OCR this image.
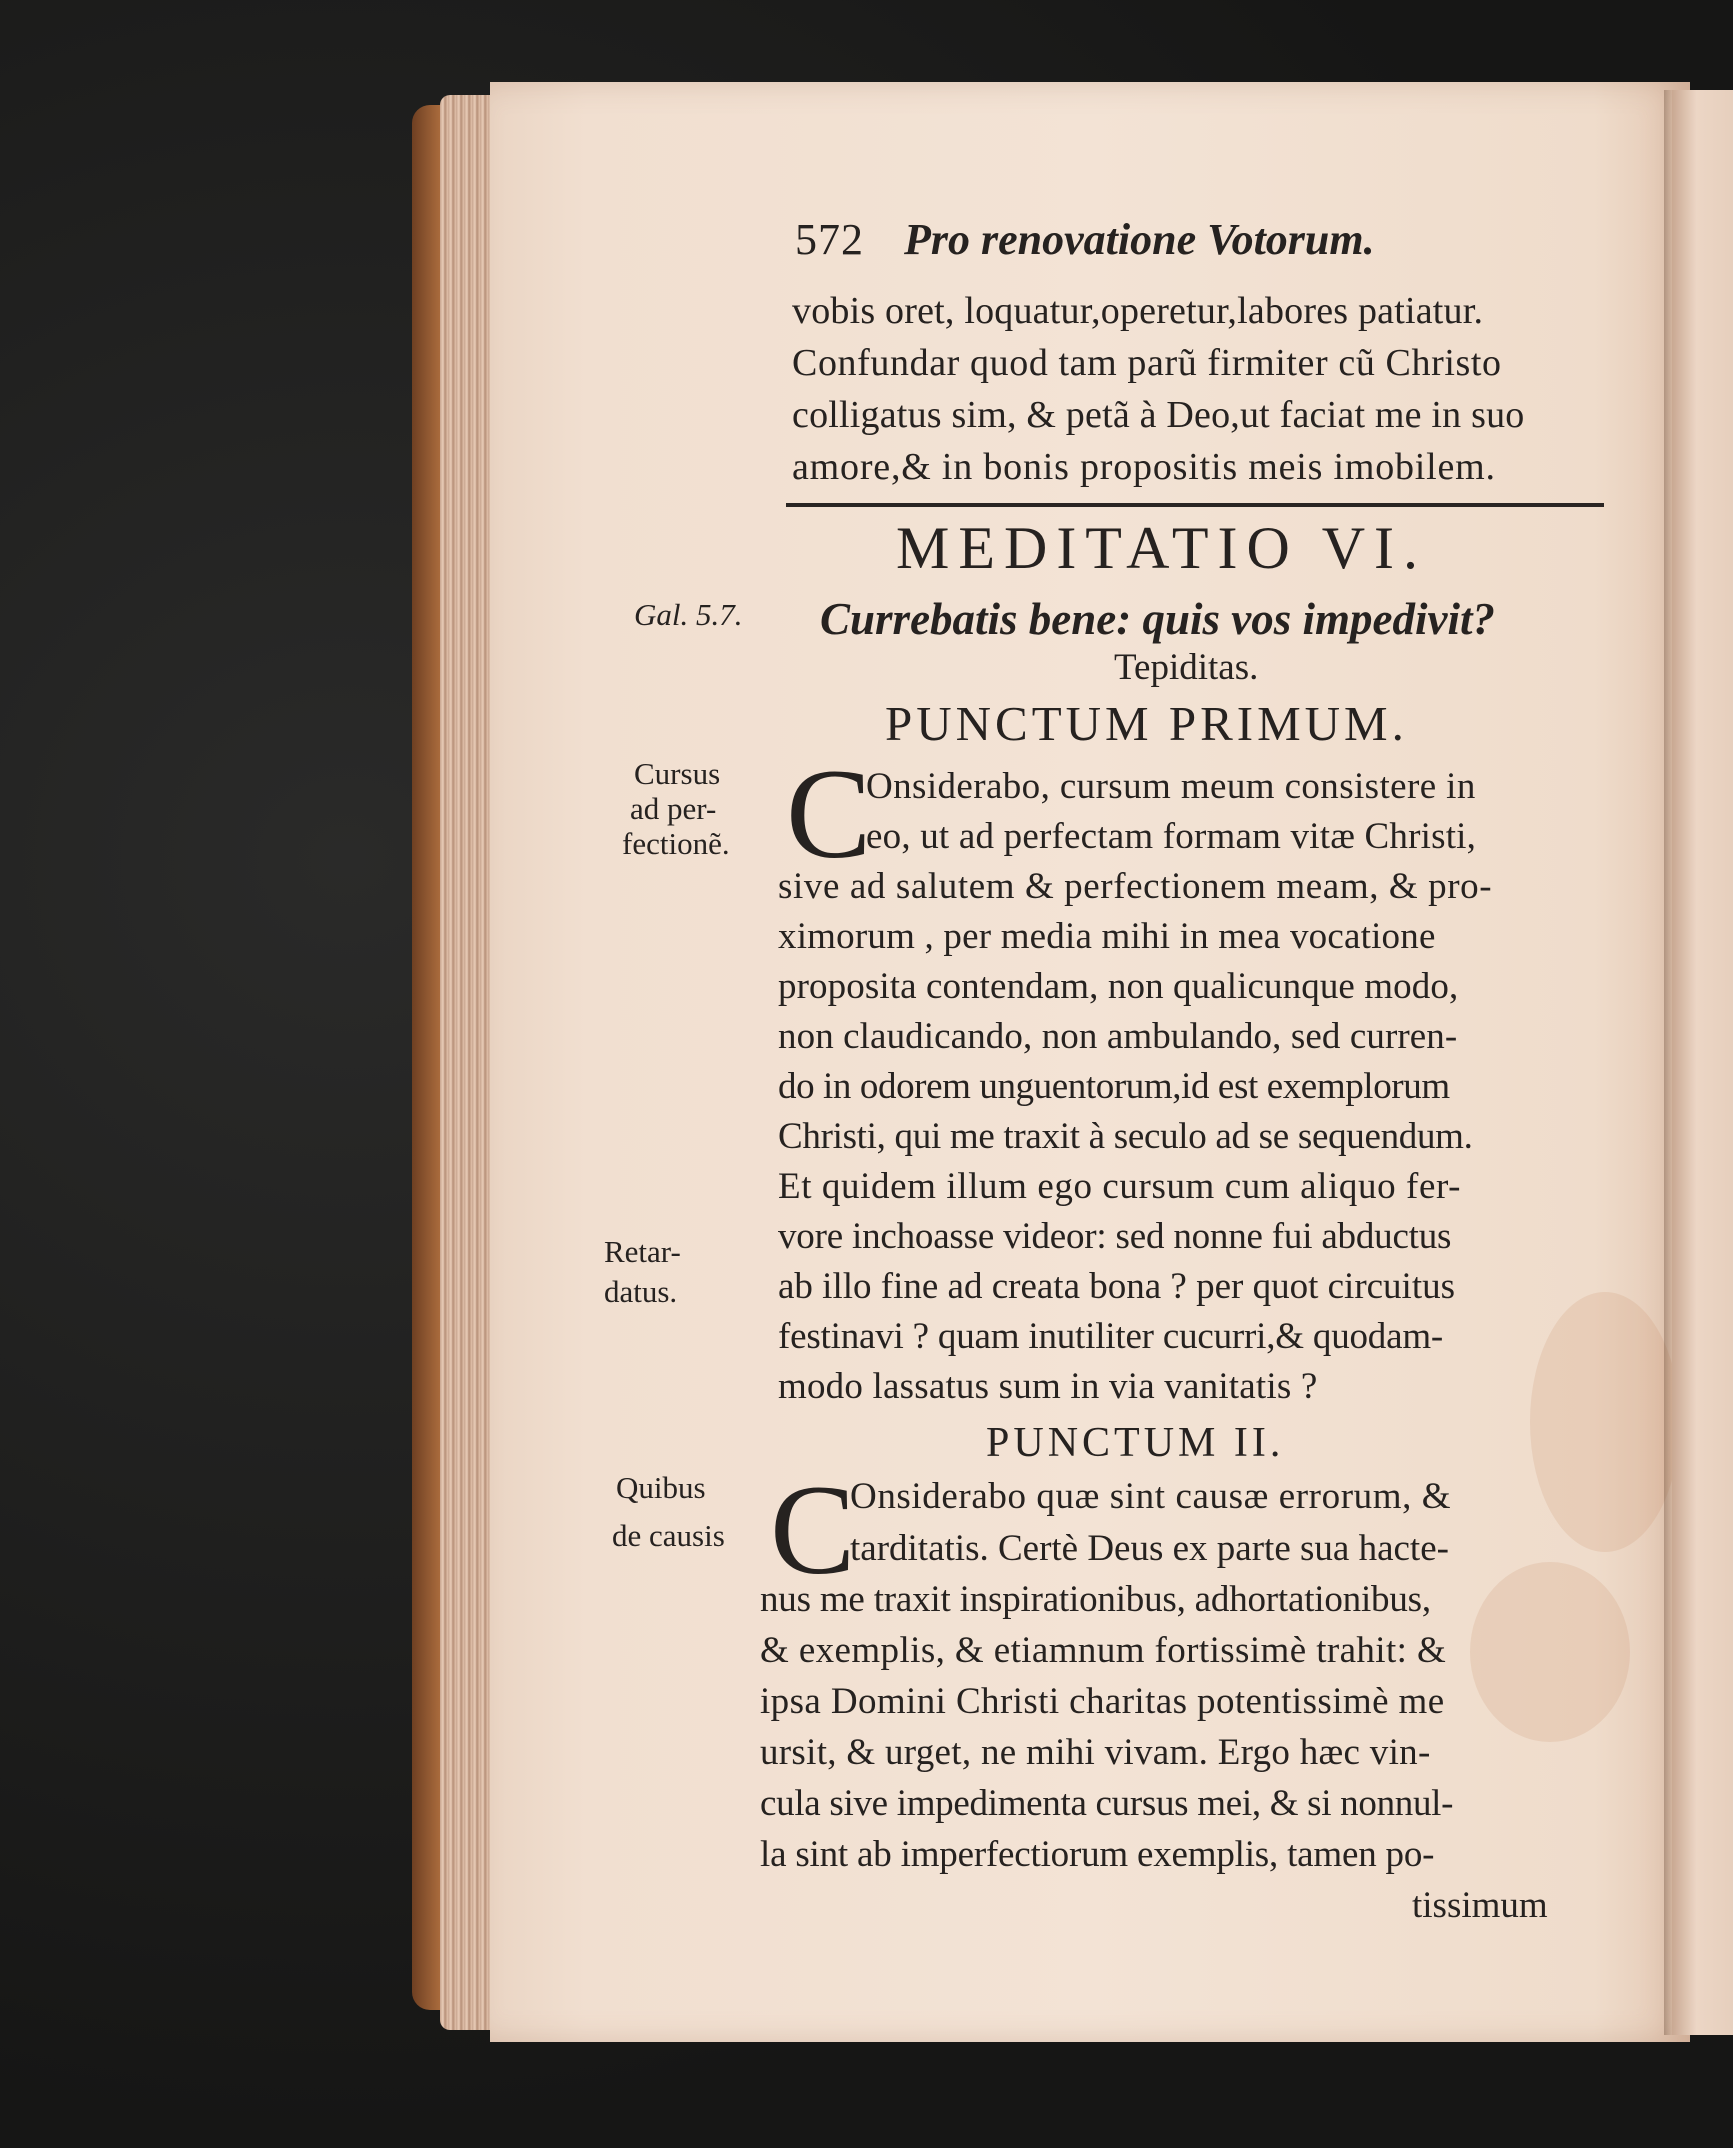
572 Pro renovatione Votorum.
vobis oret, loquatur,operetur,labores patiatur.
Confundar quod tam parũ firmiter cũ Christo
colligatus sim, & petã à Deo,ut faciat me in suo
amore,& in bonis propositis meis imobilem.
MEDITATIO VI.
Gal. 5.7. Currebatis bene: quis vos impedivit?
Tepiditas.
PUNCTUM PRIMUM.
Cursus
ad per-
fectionẽ.
Retar-
datus.
C
Onsiderabo, cursum meum consistere in
eo, ut ad perfectam formam vitæ Christi,
sive ad salutem & perfectionem meam, & pro-
ximorum , per media mihi in mea vocatione
proposita contendam, non qualicunque modo,
non claudicando, non ambulando, sed curren-
do in odorem unguentorum,id est exemplorum
Christi, qui me traxit à seculo ad se sequendum.
Et quidem illum ego cursum cum aliquo fer-
vore inchoasse videor: sed nonne fui abductus
ab illo fine ad creata bona ? per quot circuitus
festinavi ? quam inutiliter cucurri,& quodam-
modo lassatus sum in via vanitatis ?
PUNCTUM II.
Quibus
de causis C
Onsiderabo quæ sint causæ errorum, &
tarditatis. Certè Deus ex parte sua hacte-
nus me traxit inspirationibus, adhortationibus,
& exemplis, & etiamnum fortissimè trahit: &
ipsa Domini Christi charitas potentissimè me
ursit, & urget, ne mihi vivam. Ergo hæc vin-
cula sive impedimenta cursus mei, & si nonnul-
la sint ab imperfectiorum exemplis, tamen po-
tissimum
